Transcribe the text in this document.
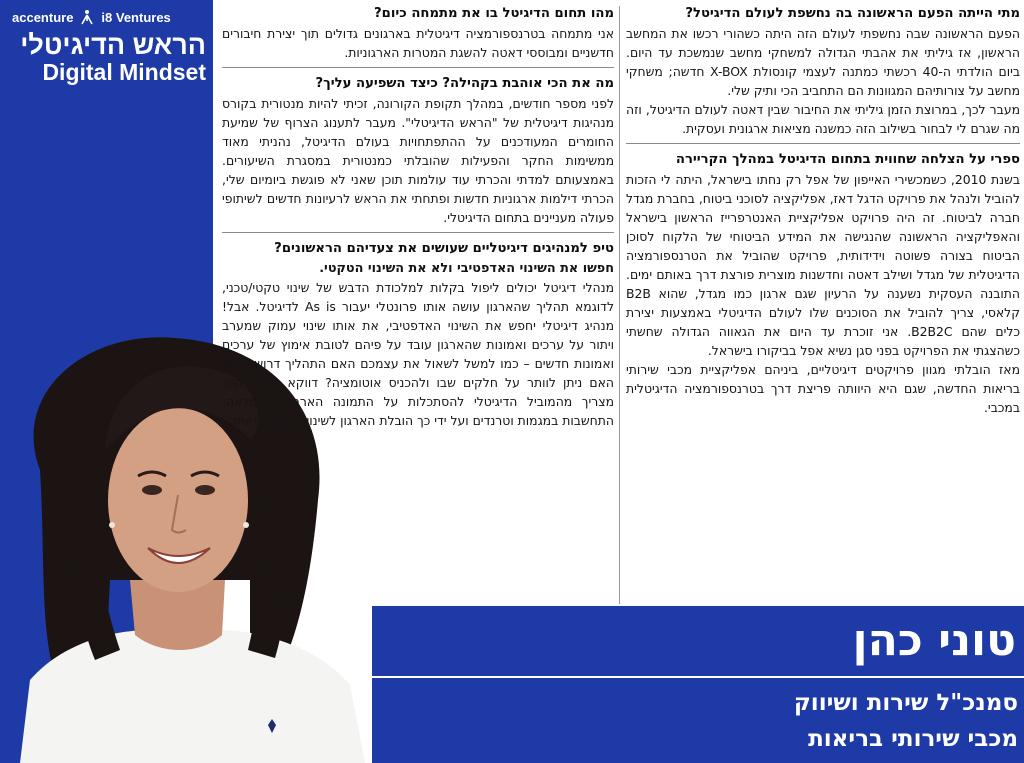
accenture i8 Ventures
הראש הדיגיטלי
Digital Mindset
מתי הייתה הפעם הראשונה בה נחשפת לעולם הדיגיטל?
הפעם הראשונה שבה נחשפתי לעולם הזה היתה כשהורי רכשו את המחשב הראשון, אז גיליתי את אהבתי הגדולה למשחקי מחשב שנמשכת עד היום. ביום הולדתי ה-40 רכשתי כמתנה לעצמי קונסולת X-BOX חדשה; משחקי מחשב על צורותיהם המגוונות הם התחביב הכי ותיק שלי.
מעבר לכך, במרוצת הזמן גיליתי את החיבור שבין דאטה לעולם הדיגיטל, וזה מה שגרם לי לבחור בשילוב הזה כמשנה מציאות ארגונית ועסקית.
ספרי על הצלחה שחווית בתחום הדיגיטל במהלך הקריירה
בשנת 2010, כשמכשירי האייפון של אפל רק נחתו בישראל, היתה לי הזכות להוביל ולנהל את פרויקט הדגל דאז, אפליקציה לסוכני ביטוח, בחברת מגדל חברה לביטוח. זה היה פרויקט אפליקציית האנטרפרייז הראשון בישראל והאפליקציה הראשונה שהנגישה את המידע הביטוחי של הלקוח לסוכן הביטוח בצורה פשוטה וידידותית, פרויקט שהוביל את הטרנספורמציה הדיגיטלית של מגדל ושילב דאטה וחדשנות מוצרית פורצת דרך באותם ימים. התובנה העסקית נשענה על הרעיון שגם ארגון כמו מגדל, שהוא B2B קלאסי, צריך להוביל את הסוכנים שלו לעולם הדיגיטלי באמצעות יצירת כלים שהם B2B2C. אני זוכרת עד היום את הגאווה הגדולה שחשתי כשהצגתי את הפרויקט בפני סגן נשיא אפל בביקורו בישראל.
מאז הובלתי מגוון פרויקטים דיגיטליים, ביניהם אפליקציית מכבי שירותי בריאות החדשה, שגם היא היוותה פריצת דרך בטרנספורמציה הדיגיטלית במכבי.
מהו תחום הדיגיטל בו את מתמחה כיום?
אני מתמחה בטרנספורמציה דיגיטלית בארגונים גדולים תוך יצירת חיבורים חדשניים ומבוססי דאטה להשגת המטרות הארגוניות.
מה את הכי אוהבת בקהילה? כיצד השפיעה עליך?
לפני מספר חודשים, במהלך תקופת הקורונה, זכיתי להיות מנטורית בקורס מנהיגות דיגיטלית של "הראש הדיגיטלי". מעבר לתענוג הצרוף של שמיעת החומרים המעודכנים על ההתפתחויות בעולם הדיגיטל, נהניתי מאוד ממשימות החקר והפעילות שהובלתי כמנטורית במסגרת השיעורים. באמצעותם למדתי והכרתי עוד עולמות תוכן שאני לא פוגשת ביומיום שלי, הכרתי דילמות ארגוניות חדשות ופתחתי את הראש לרעיונות חדשים לשיתופי פעולה מעניינים בתחום הדיגיטלי.
טיפ למנהיגים דיגיטליים שעושים את צעדיהם הראשונים?
חפשו את השינוי האדפטיבי ולא את השינוי הטקטי.
מנהלי דיגיטל יכולים ליפול בקלות למלכודת הדבש של שינוי טקטי/טכני, לדוגמא תהליך שהארגון עושה אותו פרונטלי יעבור As is לדיגיטל. אבל! מנהיג דיגיטלי יחפש את השינוי האדפטיבי, את אותו שינוי עמוק שמערב ויתור על ערכים ואמונות שהארגון עובד על פיהם לטובת אימוץ של ערכים ואמונות חדשים – כמו למשל לשאול את עצמכם האם התהליך דרוש כיום? האם ניתן לוותר על חלקים שבו ולהכניס אוטומציה? דווקא השינוי הזה מצריך מהמוביל הדיגיטלי להסתכלות על התמונה הארגונית המלאה, התחשבות במגמות וטרנדים ועל ידי כך הובלת הארגון לשינוי משמעותי יותר.
טוני כהן
סמנכ"ל שירות ושיווק
מכבי שירותי בריאות
